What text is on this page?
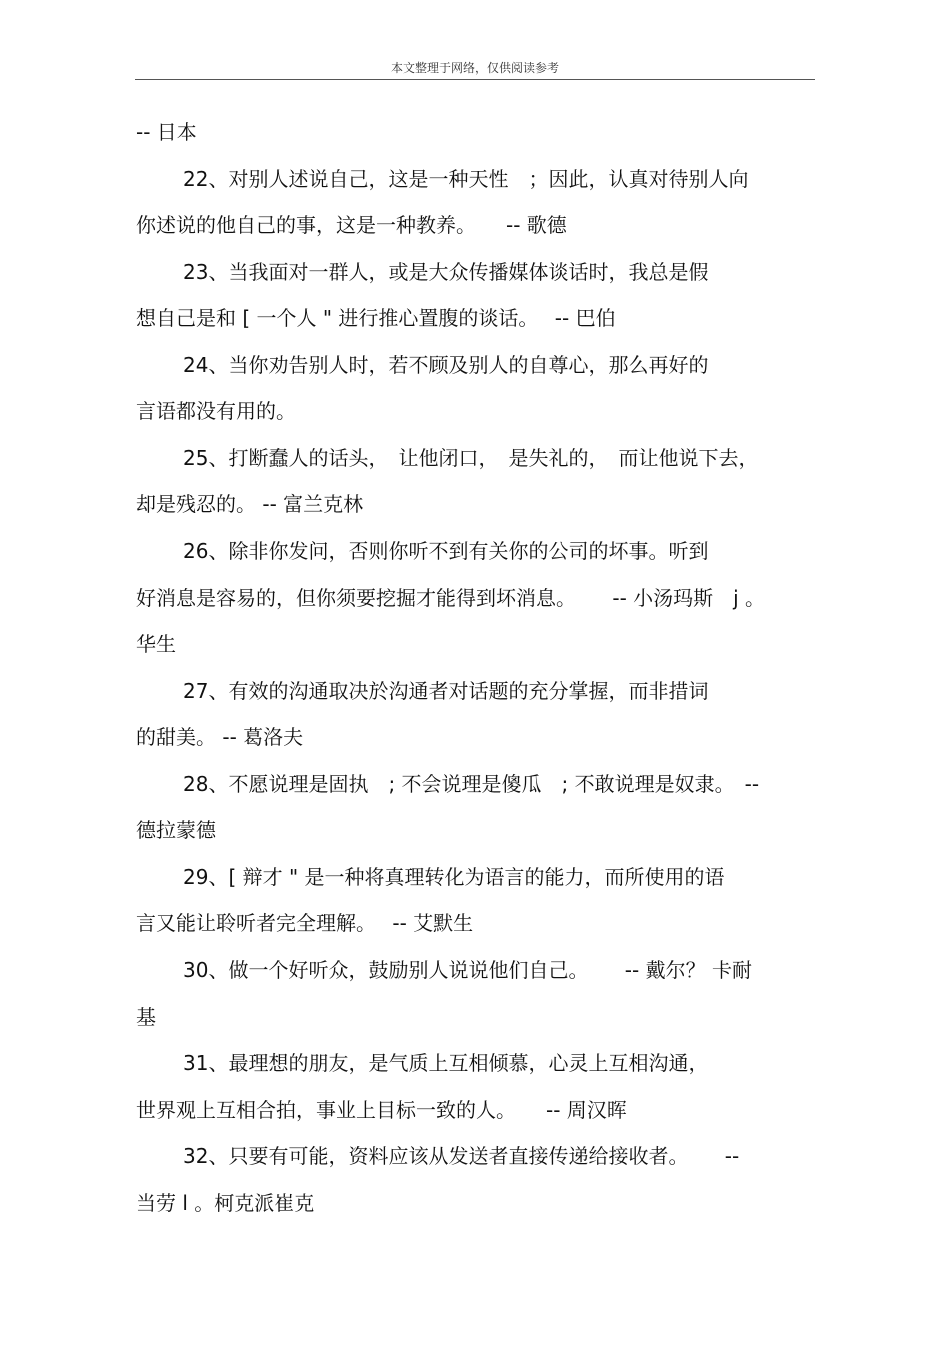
本文整理于网络，仅供阅读参考
-- 日本
22、对别人述说自己，这是一种天性　；因此，认真对待别人向
你述说的他自己的事，这是一种教养。　　-- 歌德
23、当我面对一群人，或是大众传播媒体谈话时，我总是假
想自己是和 [ 一个人 " 进行推心置腹的谈话。　 -- 巴伯
24、当你劝告别人时，若不顾及别人的自尊心，那么再好的
言语都没有用的。
25、打断蠢人的话头，　让他闭口，　是失礼的，　而让他说下去，
却是残忍的。 -- 富兰克林
26、除非你发问，否则你听不到有关你的公司的坏事。听到
好消息是容易的，但你须要挖掘才能得到坏消息。　　 -- 小汤玛斯　j 。
华生
27、有效的沟通取决於沟通者对话题的充分掌握，而非措词
的甜美。 -- 葛洛夫
28、不愿说理是固执　; 不会说理是傻瓜　; 不敢说理是奴隶。　--
德拉蒙德
29、[ 辩才 " 是一种将真理转化为语言的能力，而所使用的语
言又能让聆听者完全理解。　 -- 艾默生
30、做一个好听众，鼓励别人说说他们自己。　　 -- 戴尔？ 卡耐
基
31、最理想的朋友，是气质上互相倾慕，心灵上互相沟通，
世界观上互相合拍，事业上目标一致的人。　　-- 周汉晖
32、只要有可能，资料应该从发送者直接传递给接收者。　　 --
当劳 l 。柯克派崔克
